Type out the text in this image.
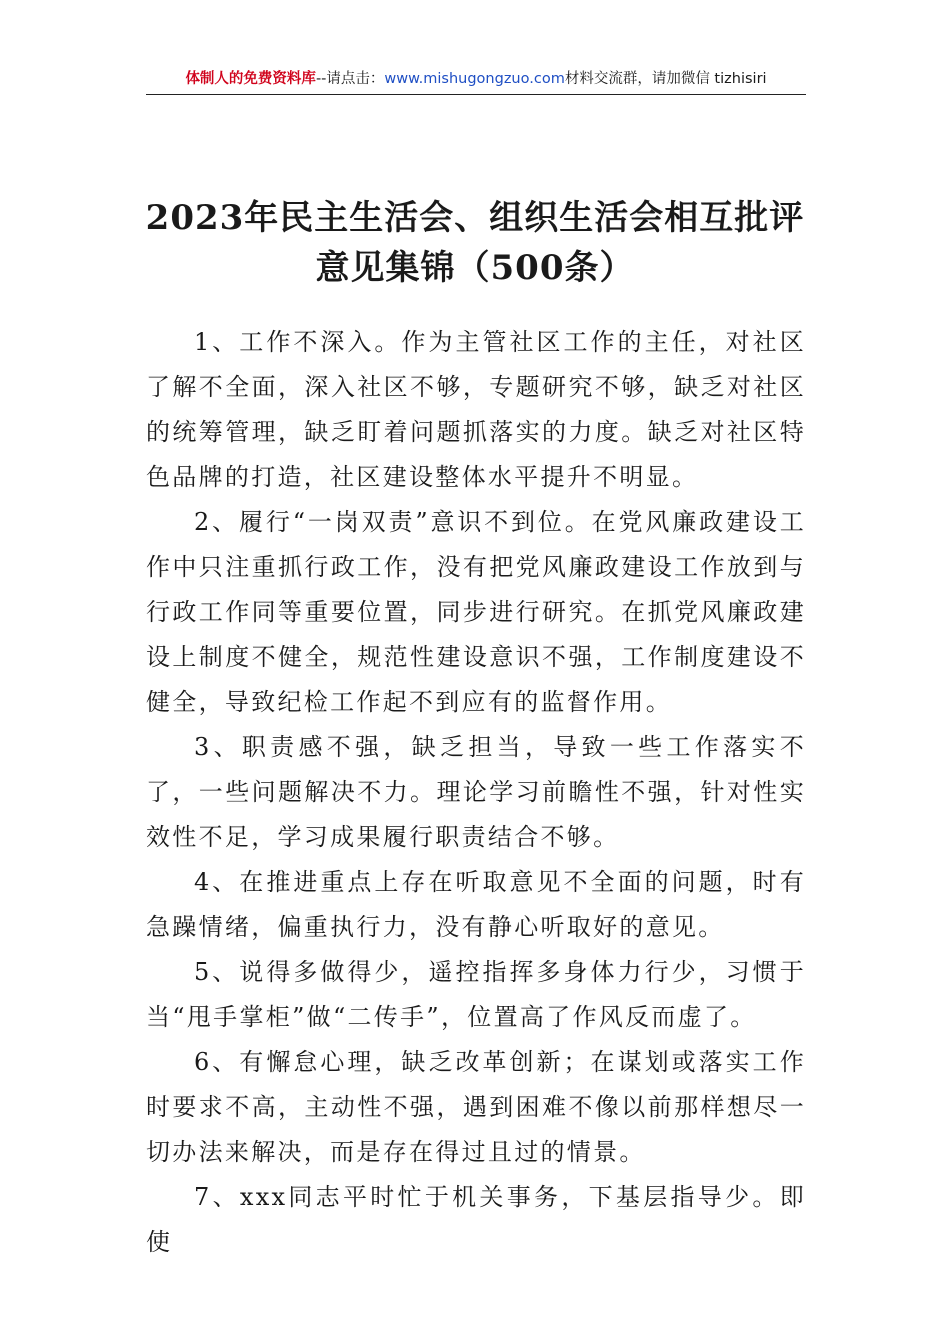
体制人的免费资料库--请点击：www.mishugongzuo.com材料交流群，请加微信 tizhisiri
2023年民主生活会、组织生活会相互批评
意见集锦（500条）

1、工作不深入。作为主管社区工作的主任，对社区了解不全面，深入社区不够，专题研究不够，缺乏对社区的统筹管理，缺乏盯着问题抓落实的力度。缺乏对社区特色品牌的打造，社区建设整体水平提升不明显。

2、履行“一岗双责”意识不到位。在党风廉政建设工作中只注重抓行政工作，没有把党风廉政建设工作放到与行政工作同等重要位置，同步进行研究。在抓党风廉政建设上制度不健全，规范性建设意识不强，工作制度建设不健全，导致纪检工作起不到应有的监督作用。

3、职责感不强，缺乏担当，导致一些工作落实不了，一些问题解决不力。理论学习前瞻性不强，针对性实效性不足，学习成果履行职责结合不够。

4、在推进重点上存在听取意见不全面的问题，时有急躁情绪，偏重执行力，没有静心听取好的意见。

5、说得多做得少，遥控指挥多身体力行少，习惯于当“甩手掌柜”做“二传手”，位置高了作风反而虚了。

6、有懈怠心理，缺乏改革创新；在谋划或落实工作时要求不高，主动性不强，遇到困难不像以前那样想尽一切办法来解决，而是存在得过且过的情景。

7、xxx同志平时忙于机关事务，下基层指导少。即使
